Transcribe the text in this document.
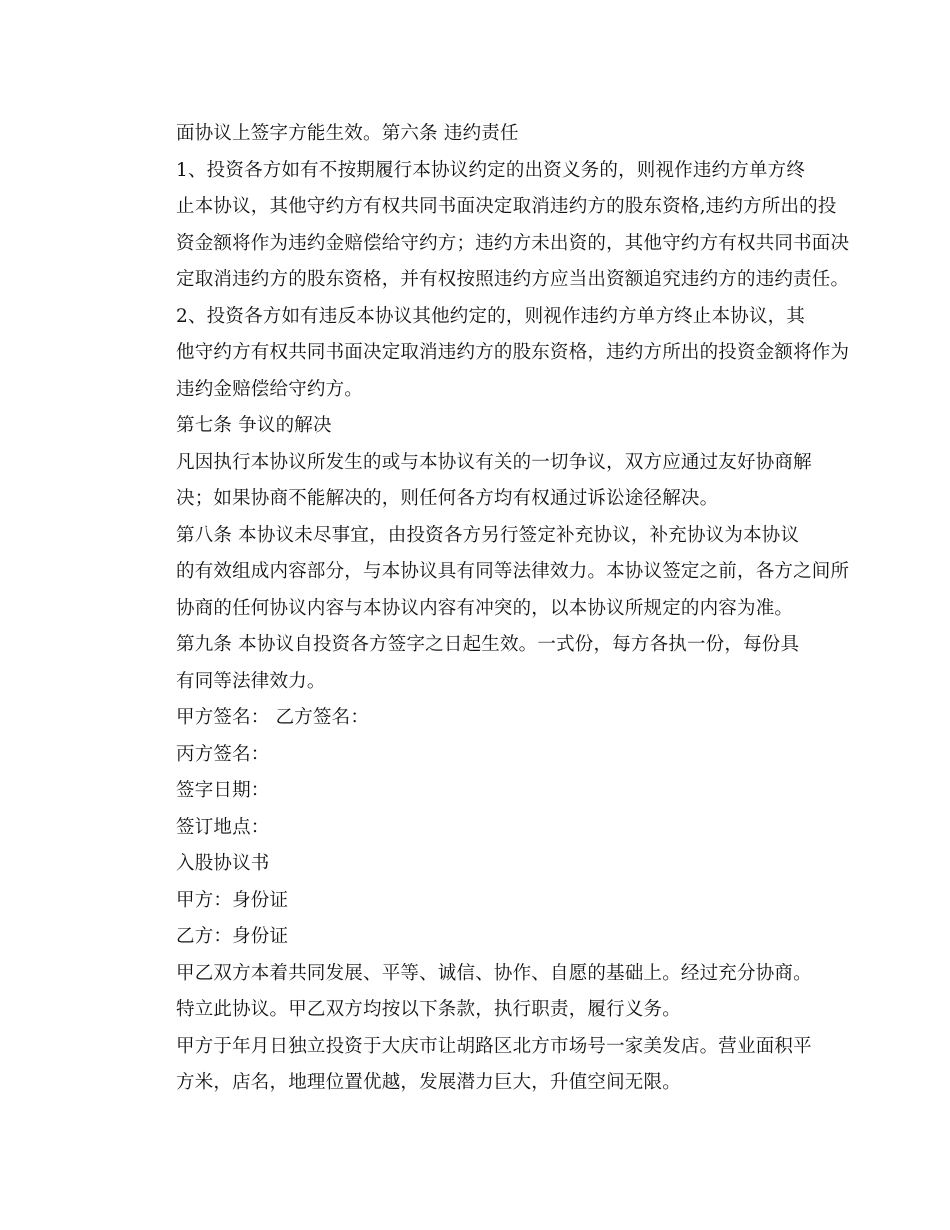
面协议上签字方能生效。第六条 违约责任

1、投资各方如有不按期履行本协议约定的出资义务的，则视作违约方单方终
止本协议，其他守约方有权共同书面决定取消违约方的股东资格,违约方所出的投
资金额将作为违约金赔偿给守约方；违约方未出资的，其他守约方有权共同书面决
定取消违约方的股东资格，并有权按照违约方应当出资额追究违约方的违约责任。

2、投资各方如有违反本协议其他约定的，则视作违约方单方终止本协议，其
他守约方有权共同书面决定取消违约方的股东资格，违约方所出的投资金额将作为
违约金赔偿给守约方。

第七条 争议的解决

凡因执行本协议所发生的或与本协议有关的一切争议，双方应通过友好协商解
决；如果协商不能解决的，则任何各方均有权通过诉讼途径解决。

第八条 本协议未尽事宜，由投资各方另行签定补充协议，补充协议为本协议
的有效组成内容部分，与本协议具有同等法律效力。本协议签定之前，各方之间所
协商的任何协议内容与本协议内容有冲突的，以本协议所规定的内容为准。

第九条 本协议自投资各方签字之日起生效。一式份，每方各执一份，每份具
有同等法律效力。

甲方签名： 乙方签名：

丙方签名：

签字日期：

签订地点：

入股协议书

甲方：身份证

乙方：身份证

甲乙双方本着共同发展、平等、诚信、协作、自愿的基础上。经过充分协商。
特立此协议。甲乙双方均按以下条款，执行职责，履行义务。

甲方于年月日独立投资于大庆市让胡路区北方市场号一家美发店。营业面积平
方米，店名，地理位置优越，发展潜力巨大，升值空间无限。
